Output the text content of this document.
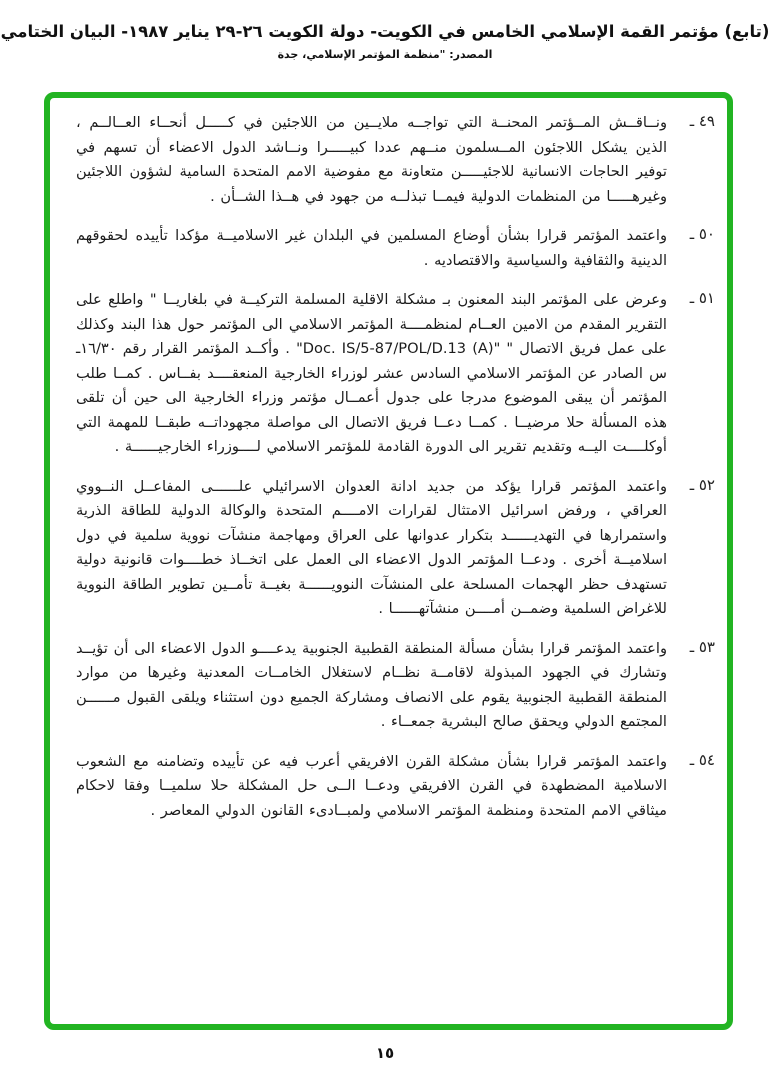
(تابع) مؤتمر القمة الإسلامي الخامس في الكويت- دولة الكويت ٢٦-٢٩ يناير ١٩٨٧- البيان الختامي
المصدر: "منظمة المؤتمر الإسلامي، جدة
٤٩ ـ

ونــاقــش المــؤتمر المحنــة التي تواجــه ملايــين من اللاجئين في كـــــل أنحــاء العــالــم ، الذين يشكل اللاجئون المــسلمون منــهم عددا كبيـــــرا ونــاشد الدول الاعضاء أن تسهم في توفير الحاجات الانسانية للاجئيـــــن متعاونة مع مفوضية الامم المتحدة السامية لشؤون اللاجئين وغيرهـــــا من المنظمات الدولية فيمــا تبذلــه من جهود في هــذا الشــأن .

٥٠ ـ

واعتمد المؤتمر قرارا بشأن أوضاع المسلمين في البلدان غير الاسلاميــة مؤكدا تأييده لحقوقهم الدينية والثقافية والسياسية والاقتصاديه .

٥١ ـ

وعرض على المؤتمر البند المعنون بـ مشكلة الاقلية المسلمة التركيــة في بلغاريــا " واطلع على التقرير المقدم من الامين العــام لمنظمــــة المؤتمر الاسلامي الى المؤتمر حول هذا البند وكذلك على عمل فريق الاتصال " "Doc. IS/5-87/POL/D.13 (A)" . وأكــد المؤتمر القرار رقم ١٦/٣٠ـ س الصادر عن المؤتمر الاسلامي السادس عشر لوزراء الخارجية المنعقــــد بفــاس . كمــا طلب المؤتمر أن يبقى الموضوع مدرجا على جدول أعمــال مؤتمر وزراء الخارجية الى حين أن تلقى هذه المسألة حلا مرضيــا . كمــا دعــا فريق الاتصال الى مواصلة مجهوداتــه طبقــا للمهمة التي أوكلــــت اليــه وتقديم تقرير الى الدورة القادمة للمؤتمر الاسلامي لــــوزراء الخارجيــــــة .

٥٢ ـ

واعتمد المؤتمر قرارا يؤكد من جديد ادانة العدوان الاسرائيلي علــــــى المفاعــل النــووي العراقي ، ورفض اسرائيل الامتثال لقرارات الامــــم المتحدة والوكالة الدولية للطاقة الذرية واستمرارها في التهديــــــد بتكرار عدوانها على العراق ومهاجمة منشآت نووية سلمية في دول اسلاميــة أخرى . ودعــا المؤتمر الدول الاعضاء الى العمل على اتخــاذ خطــــوات قانونية دولية تستهدف حظر الهجمات المسلحة على المنشآت النوويــــــة بغيــة تأمــين تطوير الطاقة النووية للاغراض السلمية وضمــن أمــــن منشآتهــــــا .

٥٣ ـ

واعتمد المؤتمر قرارا بشأن مسألة المنطقة القطبية الجنوبية يدعــــو الدول الاعضاء الى أن تؤيــد وتشارك في الجهود المبذولة لاقامــة نظــام لاستغلال الخامــات المعدنية وغيرها من موارد المنطقة القطبية الجنوبية يقوم على الانصاف ومشاركة الجميع دون استثناء ويلقى القبول مــــــن المجتمع الدولي ويحقق صالح البشرية جمعــاء .

٥٤ ـ

واعتمد المؤتمر قرارا بشأن مشكلة القرن الافريقي أعرب فيه عن تأييده وتضامنه مع الشعوب الاسلامية المضطهدة في القرن الافريقي ودعــا الــى حل المشكلة حلا سلميــا وفقا لاحكام ميثاقي الامم المتحدة ومنظمة المؤتمر الاسلامي ولمبــادىء القانون الدولي المعاصر .

١٥
